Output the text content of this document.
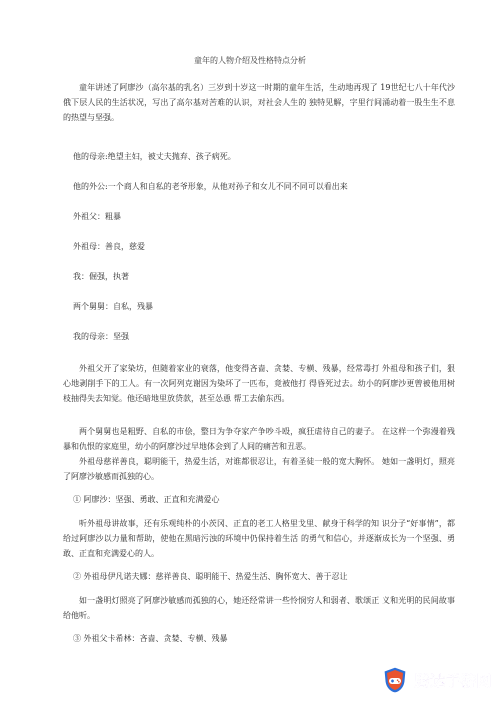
童年的人物介绍及性格特点分析

童年讲述了阿廖沙（高尔基的乳名）三岁到十岁这一时期的童年生活，生动地再现了 19世纪七八十年代沙俄下层人民的生活状况，写出了高尔基对苦难的认识，对社会人生的 独特见解，字里行间涌动着一股生生不息的热望与坚强。

他的母亲:绝望主妇，被丈夫抛弃、孩子病死。

他的外公:一个商人和自私的老爷形象，从他对孙子和女儿不同不同可以看出来

外祖父：粗暴

外祖母：善良，慈爱

我：倔强，执著

两个舅舅：自私，残暴

我的母亲：坚强

外祖父开了家染坊，但随着家业的衰落，他变得吝啬、贪婪、专横、残暴，经常毒打 外祖母和孩子们，狠心地剥削手下的工人。有一次阿列克谢因为染坏了一匹布，竟被他打 得昏死过去。幼小的阿廖沙更曾被他用树枝抽得失去知觉。他还暗地里放贷款，甚至怂恿 帮工去偷东西。

两个舅舅也是粗野、自私的市侩，整日为争夺家产争吵斗殴，疯狂虐待自己的妻子。 在这样一个弥漫着残暴和仇恨的家庭里，幼小的阿廖沙过早地体会到了人间的痛苦和丑恶。

外祖母慈祥善良，聪明能干，热爱生活，对谁都很忍让，有着圣徒一般的宽大胸怀。 她如一盏明灯，照亮了阿廖沙敏感而孤独的心。

① 阿廖沙：坚强、勇敢、正直和充满爱心

听外祖母讲故事，还有乐观纯朴的小茨冈、正直的老工人格里戈里、献身于科学的知 识分子“好事情”，都给过阿廖沙以力量和帮助，使他在黑暗污浊的环境中仍保持着生活 的勇气和信心，并逐渐成长为一个坚强、勇敢、正直和充满爱心的人。

② 外祖母伊凡诺夫娜：慈祥善良、聪明能干、热爱生活、胸怀宽大、善于忍让

如一盏明灯照亮了阿廖沙敏感而孤独的心，她还经常讲一些怜悯穷人和弱者、歌颂正 义和光明的民间故事给他听。

③ 外祖父卡希林：吝啬、贪婪、专横、残暴

腾达手游网
